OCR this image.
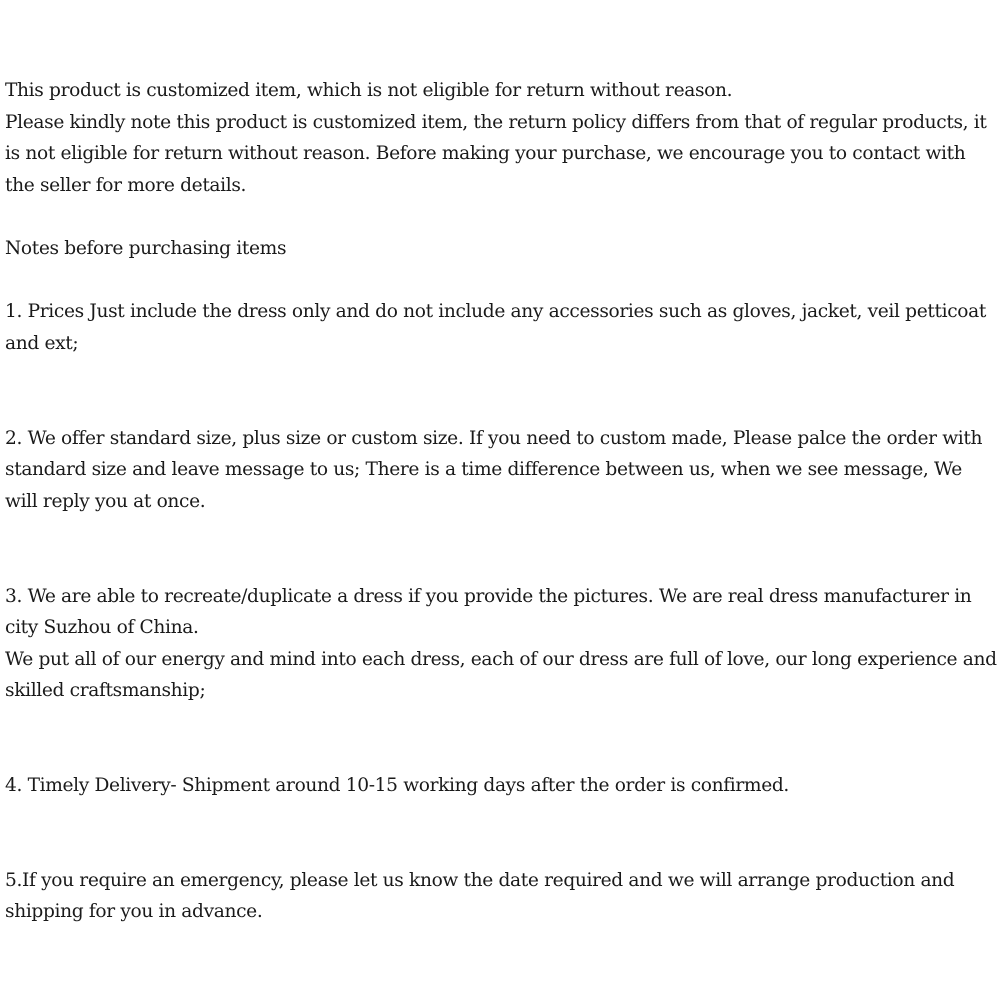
This product is customized item, which is not eligible for return without reason.

Please kindly note this product is customized item, the return policy differs from that of regular products, it is not eligible for return without reason. Before making your purchase, we encourage you to contact with the seller for more details.

Notes before purchasing items

1. Prices Just include the dress only and do not include any accessories such as gloves, jacket, veil petticoat and ext;

2. We offer standard size, plus size or custom size. If you need to custom made, Please palce the order with standard size and leave message to us; There is a time difference between us, when we see message, We will reply you at once.

3. We are able to recreate/duplicate a dress if you provide the pictures. We are real dress manufacturer in city Suzhou of China.

We put all of our energy and mind into each dress, each of our dress are full of love, our long experience and skilled craftsmanship;

4. Timely Delivery- Shipment around 10-15 working days after the order is confirmed.

5.If you require an emergency, please let us know the date required and we will arrange production and shipping for you in advance.
